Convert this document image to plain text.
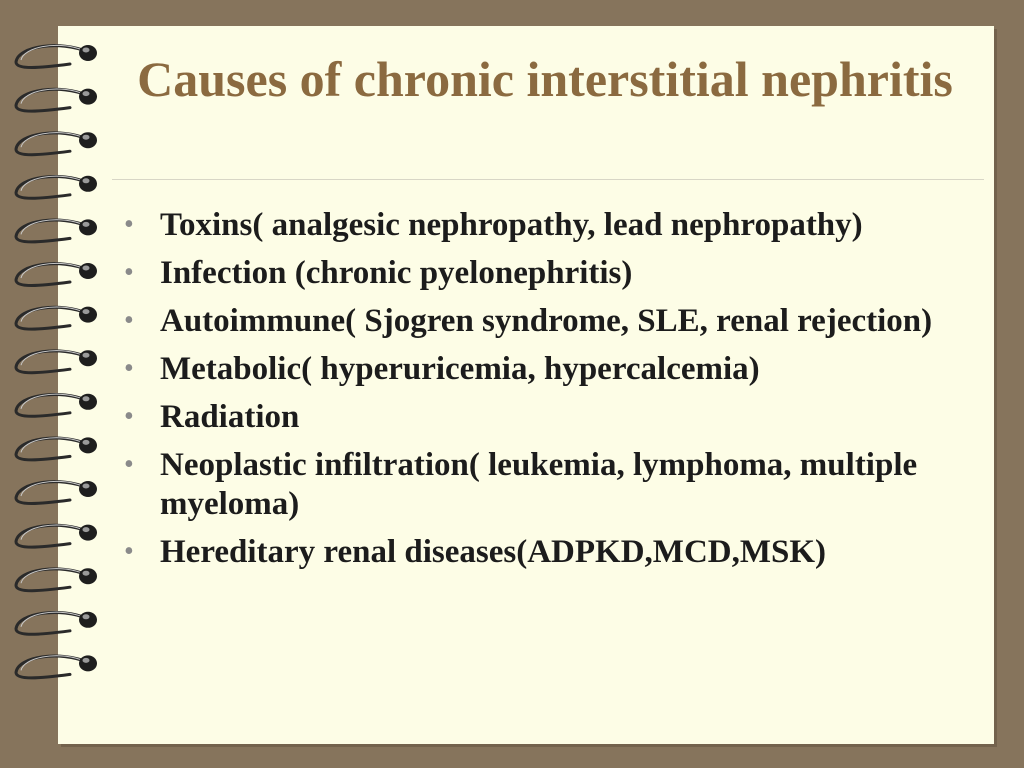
Causes of chronic interstitial nephritis
• Toxins( analgesic nephropathy, lead nephropathy)
• Infection (chronic pyelonephritis)
• Autoimmune( Sjogren syndrome, SLE, renal rejection)
• Metabolic( hyperuricemia, hypercalcemia)
• Radiation
• Neoplastic infiltration( leukemia, lymphoma, multiple myeloma)
• Hereditary renal diseases(ADPKD,MCD,MSK)
